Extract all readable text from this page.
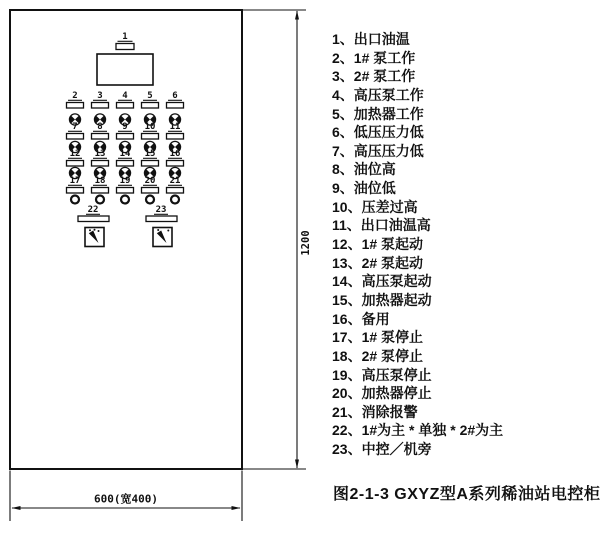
1
2 3 4 5 6
7 8 9 10 11
12 13 14 15 16
17 18 19 20 21
22	23
1200
600(宽400)
1、出口油温
2、1# 泵工作
3、2# 泵工作
4、高压泵工作
5、加热器工作
6、低压压力低
7、高压压力低
8、油位高
9、油位低
10、压差过高
11、出口油温高
12、1# 泵起动
13、2# 泵起动
14、高压泵起动
15、加热器起动
16、备用
17、1# 泵停止
18、2# 泵停止
19、高压泵停止
20、加热器停止
21、消除报警
22、1#为主 * 单独 * 2#为主
23、中控／机旁
图2-1-3 GXYZ型A系列稀油站电控柜
